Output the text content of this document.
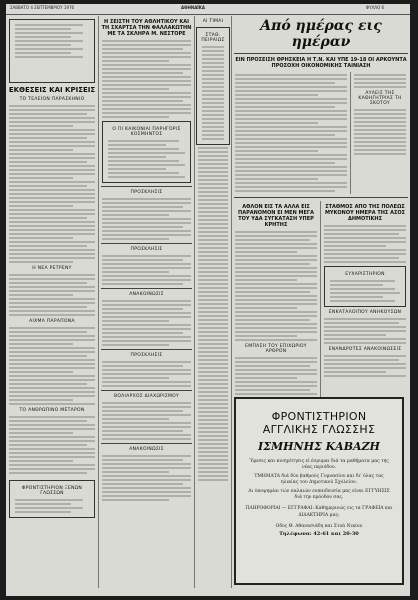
ΣΑΒΒΑΤΟ 4 ΣΕΠΤΕΜΒΡΙΟΥ 1976	ΑΘΗΝΑΪΚΑ	ΦΥΛΛΟ 6
ΕΚΘΕΣΕΙΣ ΚΑΙ ΚΡΙΣΕΙΣ
ΤΟ ΤΕΛΕΙΟΝ ΠΑΡΑΣΚΗΝΙΟ
Η ΝΕΑ ΡΕΤΡΕΝΥ
ΑΙΧΜΑ ΠΑΡΑΠΟΝΑ
ΤΟ ΑΝΘΡΩΠΙΝΟ ΜΕΤΑΡΟΝ
ΦΡΟΝΤΙΣΤΗΡΙΟΝ ΞΕΝΩΝ ΓΛΩΣΣΩΝ
Η ΣΕΙΣΤΗ ΤΟΥ ΑΘΛΗΤΙΚΟΥ ΚΑΙ ΤΗ ΣΧΑΡΤΣΑ ΤΗΝ ΦΑΛΛΑΚΩΤΗΝ ΜΕ ΤΑ ΣΚΛΗΡΑ Μ. ΝΕΣΤΟΡΕ
Ο ΠΙ ΚΑΙΚΟΝΙΑΙ ΠΑΡΗΓΟΡΙΣ ΚΟΣΜΗΝΤΟΣ
ΠΡΟΣΚΛΗΣΙΣ
ΠΡΟΣΚΛΗΣΙΣ
ΑΝΑΚΟΙΝΩΣΙΣ
ΠΡΟΣΚΛΗΣΙΣ
ΒΟΛΙΑΡΧΟΣ ΔΙΑΧΩΡΙΣΜΟΥ
ΑΝΑΚΟΙΝΩΣΙΣ
ΑΙ ΤΙΜΑΙ
ΣΤΑΘ. ΠΕΙΡΑΙΩΣ
Από ημέρας εις ημέραν
ΕΙΝ ΠΡΟΣΕΙΣΗ ΘΡΗΣΚΕΙΑ Η Τ.Ν. ΚΑΙ ΥΠΕ 19-18 ΟΙ ΑΡΚΟΥΝΤΑ ΠΡΟΣΟΧΗ ΟΙΚΟΝΟΜΙΚΗΣ ΤΑΙΝΙΑΣΗ
ΑΥΛΕΙΣ ΤΗΣ ΚΑΘΗΓΗΤΡΙΑΣ ΤΗ ΣΚΟΤΟΥ
ΑΘΛΟΝ ΕΙΣ ΤΑ ΑΛΛΑ ΕΙΣ ΠΑΡΑΝΟΜΟΝ ΕΙ ΜΕΝ ΜΕΓΑ ΤΟΥ ΥΔΑ ΣΥΓΚΑΤΑΣΗ ΥΠΕΡ ΚΡΗΤΗΣ
ΕΜΠΑΣΗ ΤΟΥ ΕΠΙΧΩΡΙΟΥ ΑΡΘΡΟΝ
ΣΤΑΘΜΟΣ ΑΠΟ ΤΗΣ ΠΟΛΕΩΣ ΜΥΚΟΝΟΥ ΗΜΕΡΑ ΤΗΣ ΑΣΟΣ ΔΗΜΟΤΙΚΗΣ
ΕΥΧΑΡΙΣΤΗΡΙΟΝ
ΕΝΚΑΤΑΛΟΙΠΟΥ ΑΝΗΚΟΥΣΩΝ
ΕΝΑΝΔΡΟΤΕΣ ΑΝΑΚΟΙΝΩΣΕΙΣ
ΦΡΟΝΤΙΣΤΗΡΙΟΝ
ΑΓΓΛΙΚΗΣ ΓΛΩΣΣΗΣ
ΙΣΜΗΝΗΣ ΚΑΒΑΖΗ
Ύφεσις και κινηγέτησις εί έσρυμαι διά τα μαθήματα μας της νέας περιόδου.
ΤΜΗΜΑΤΑ διά δύο βαθμούς Γυμνασίου και δι' όλας τας ηλικίας του Δημοτικού Σχολείου.
Αι ύποψηφίαι τών παλαιών ευπαιδευσία μας είναι ΕΓΓΥΗΣΙΣ διά την πρόοδον σας.
ΠΛΗΡΟΦΟΡΙΑΙ — ΕΓΓΡΑΦΑΙ: Καθημερινώς εις τα ΓΡΑΦΕΙΑ και ΔΙΔΑΚΤΗΡΙΑ μας:
Οδος Θ. Αθανασιάδη και Στοά Νικίου
Τηλέφωνα: 42-61 και 20-30
